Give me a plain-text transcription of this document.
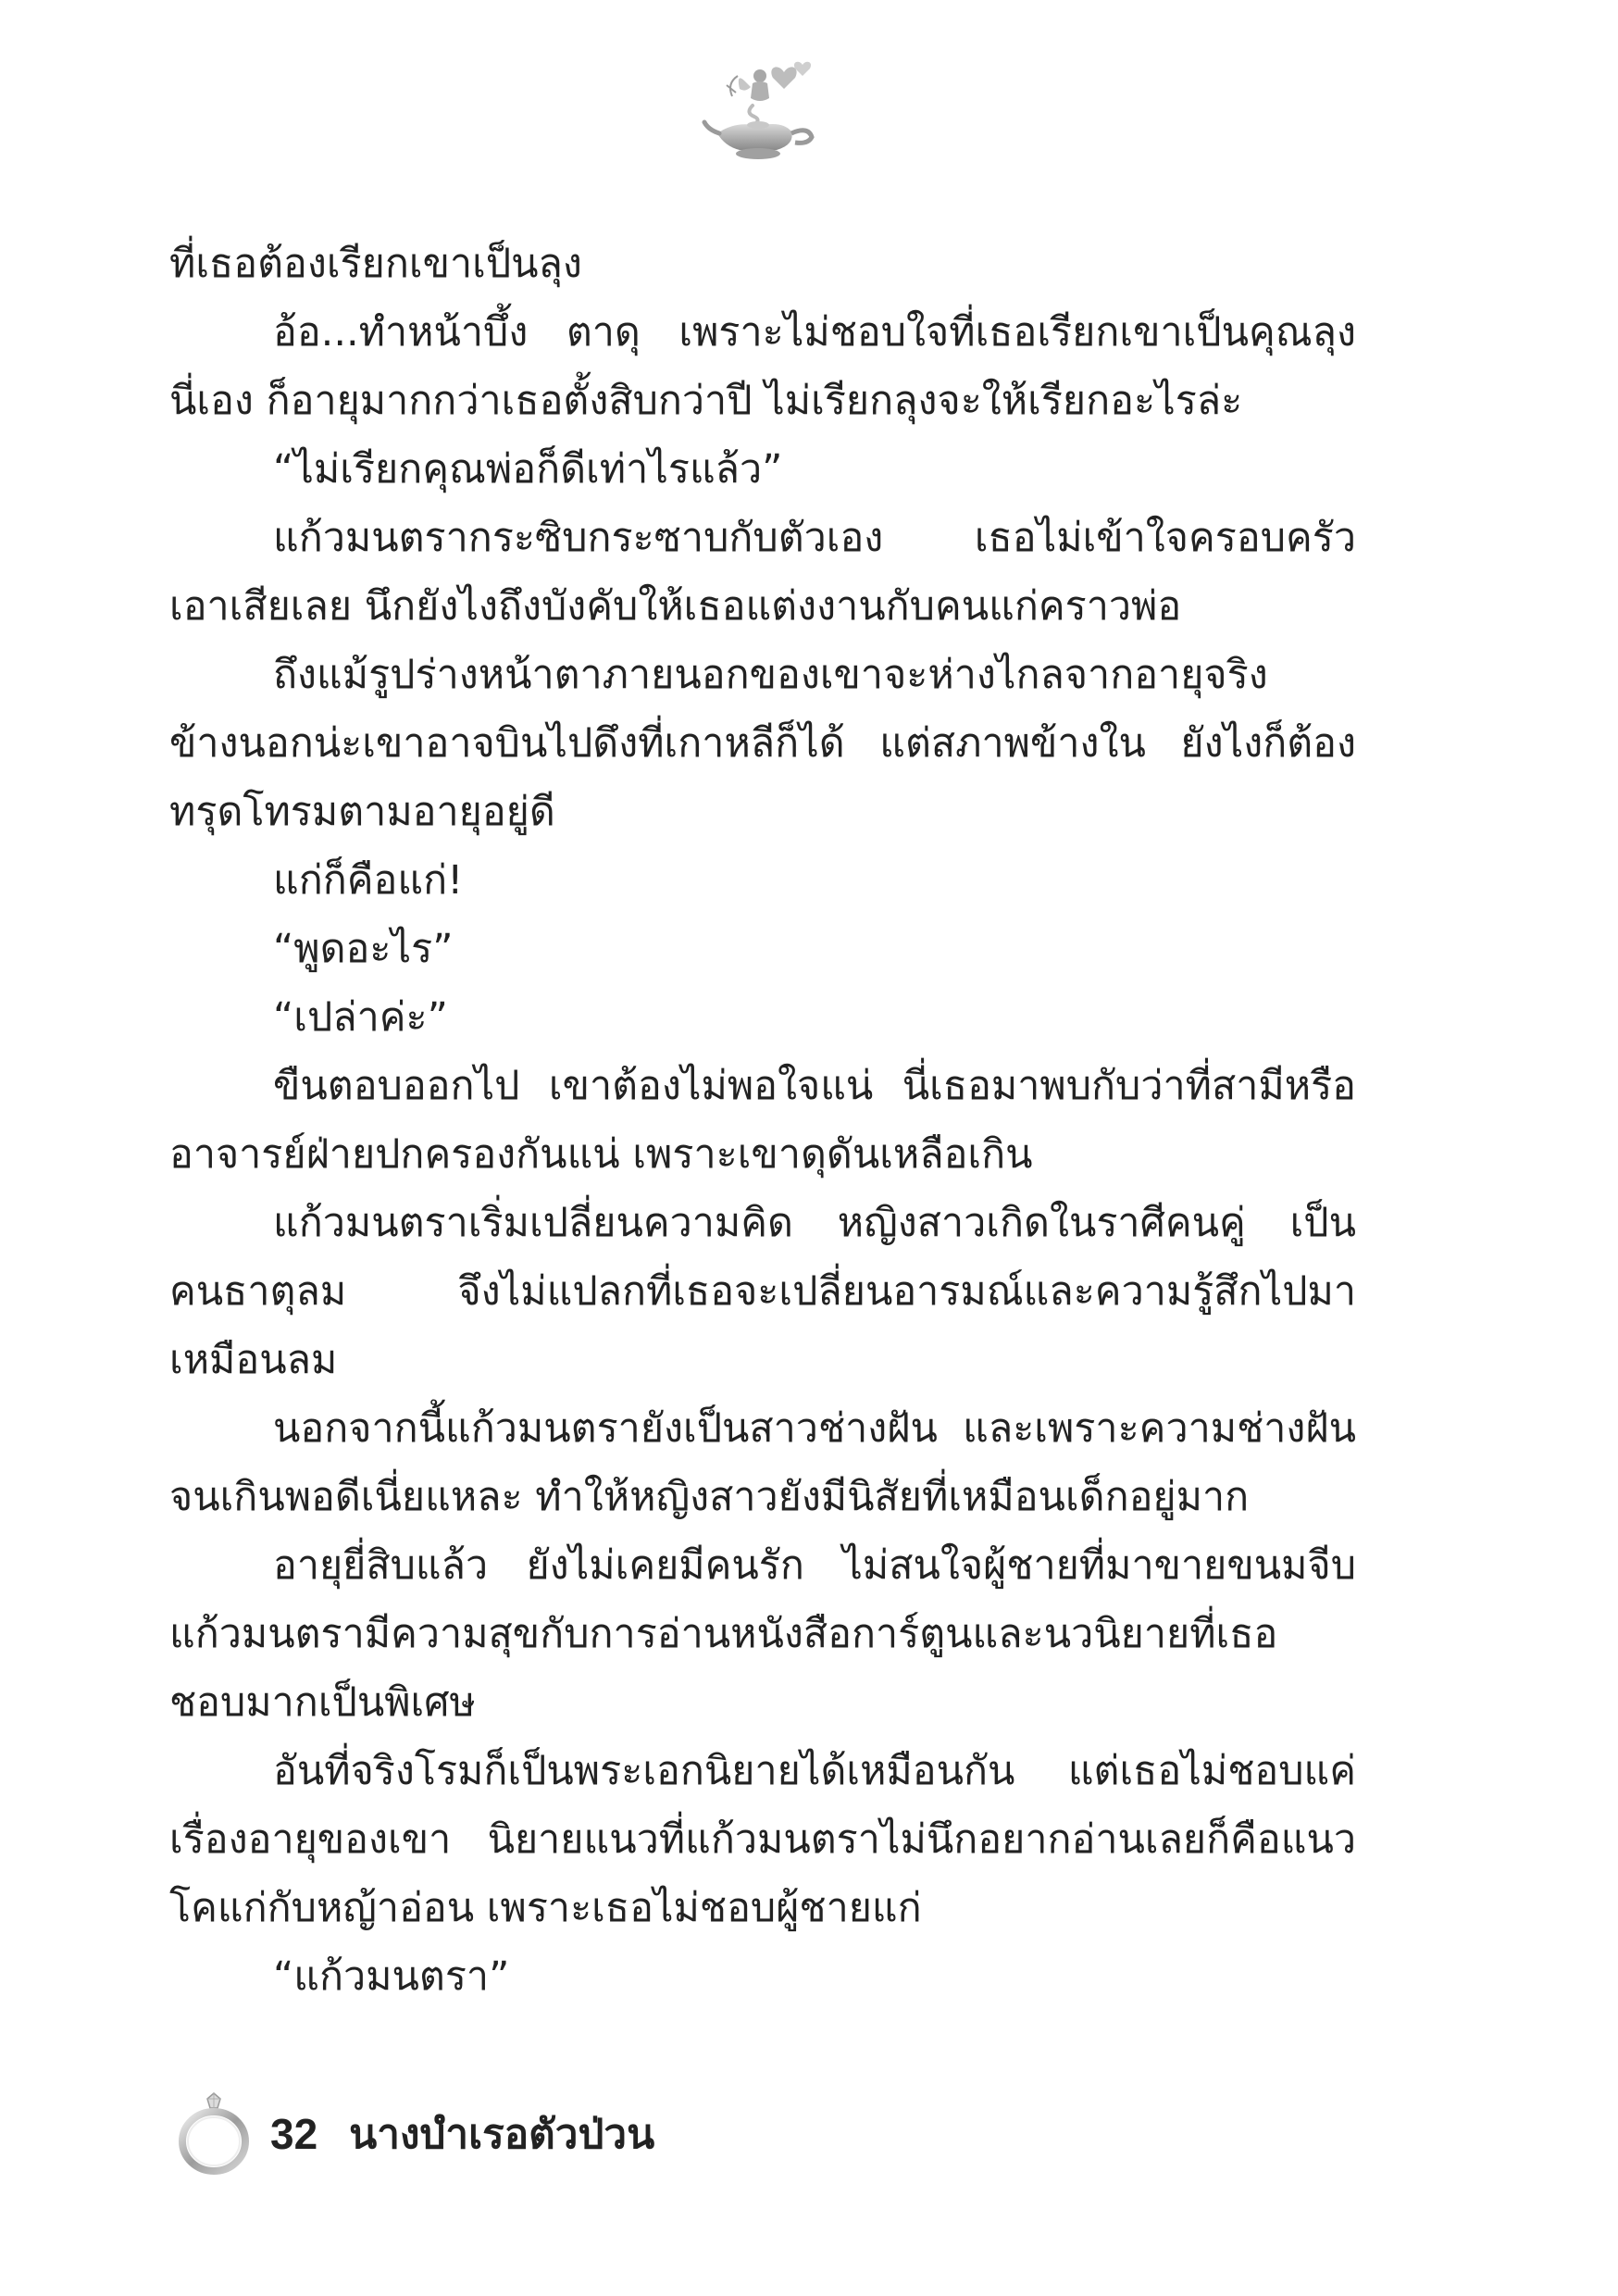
ที่เธอต้องเรียกเขาเป็นลุง
อ้อ...ทำหน้าบึ้ง ตาดุ เพราะไม่ชอบใจที่เธอเรียกเขาเป็นคุณลุง
นี่เอง ก็อายุมากกว่าเธอตั้งสิบกว่าปี ไม่เรียกลุงจะให้เรียกอะไรล่ะ
“ไม่เรียกคุณพ่อก็ดีเท่าไรแล้ว”
แก้วมนตรากระซิบกระซาบกับตัวเอง เธอไม่เข้าใจครอบครัว
เอาเสียเลย นึกยังไงถึงบังคับให้เธอแต่งงานกับคนแก่คราวพ่อ
ถึงแม้รูปร่างหน้าตาภายนอกของเขาจะห่างไกลจากอายุจริง
ข้างนอกน่ะเขาอาจบินไปดึงที่เกาหลีก็ได้ แต่สภาพข้างใน ยังไงก็ต้อง
ทรุดโทรมตามอายุอยู่ดี
แก่ก็คือแก่!
“พูดอะไร”
“เปล่าค่ะ”
ขืนตอบออกไป เขาต้องไม่พอใจแน่ นี่เธอมาพบกับว่าที่สามีหรือ
อาจารย์ฝ่ายปกครองกันแน่ เพราะเขาดุดันเหลือเกิน
แก้วมนตราเริ่มเปลี่ยนความคิด หญิงสาวเกิดในราศีคนคู่ เป็น
คนธาตุลม จึงไม่แปลกที่เธอจะเปลี่ยนอารมณ์และความรู้สึกไปมา
เหมือนลม
นอกจากนี้แก้วมนตรายังเป็นสาวช่างฝัน และเพราะความช่างฝัน
จนเกินพอดีเนี่ยแหละ ทำให้หญิงสาวยังมีนิสัยที่เหมือนเด็กอยู่มาก
อายุยี่สิบแล้ว ยังไม่เคยมีคนรัก ไม่สนใจผู้ชายที่มาขายขนมจีบ
แก้วมนตรามีความสุขกับการอ่านหนังสือการ์ตูนและนวนิยายที่เธอ
ชอบมากเป็นพิเศษ
อันที่จริงโรมก็เป็นพระเอกนิยายได้เหมือนกัน แต่เธอไม่ชอบแค่
เรื่องอายุของเขา นิยายแนวที่แก้วมนตราไม่นึกอยากอ่านเลยก็คือแนว
โคแก่กับหญ้าอ่อน เพราะเธอไม่ชอบผู้ชายแก่
“แก้วมนตรา”
32 นางบำเรอตัวป่วน
